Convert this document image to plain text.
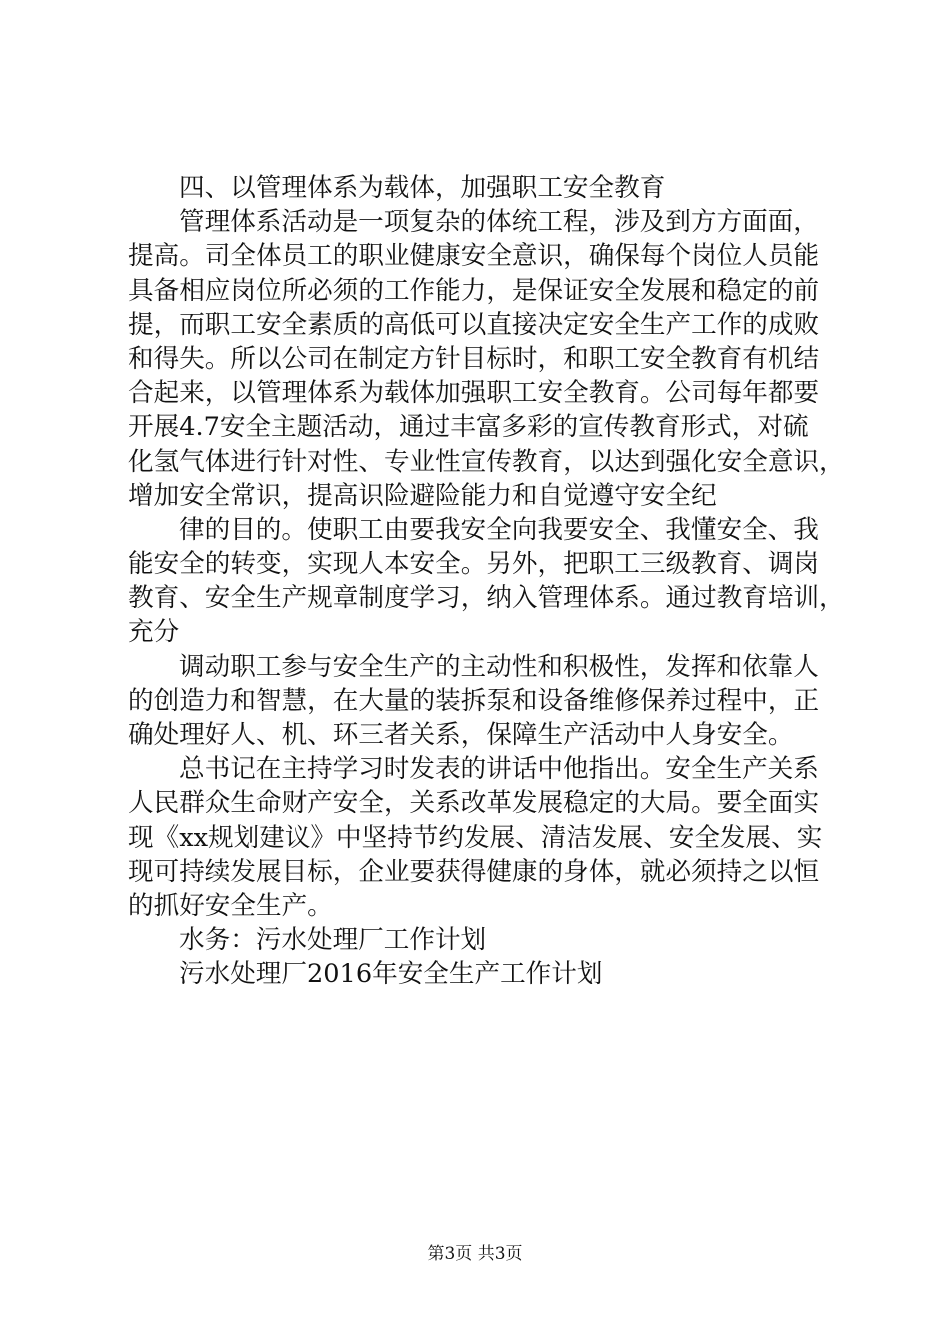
四、以管理体系为载体，加强职工安全教育
管理体系活动是一项复杂的体统工程，涉及到方方面面，
提高。司全体员工的职业健康安全意识，确保每个岗位人员能
具备相应岗位所必须的工作能力，是保证安全发展和稳定的前
提，而职工安全素质的高低可以直接决定安全生产工作的成败
和得失。所以公司在制定方针目标时，和职工安全教育有机结
合起来，以管理体系为载体加强职工安全教育。公司每年都要
开展4.7安全主题活动，通过丰富多彩的宣传教育形式，对硫
化氢气体进行针对性、专业性宣传教育，以达到强化安全意识，
增加安全常识，提高识险避险能力和自觉遵守安全纪
律的目的。使职工由要我安全向我要安全、我懂安全、我
能安全的转变，实现人本安全。另外，把职工三级教育、调岗
教育、安全生产规章制度学习，纳入管理体系。通过教育培训，
充分
调动职工参与安全生产的主动性和积极性，发挥和依靠人
的创造力和智慧，在大量的装拆泵和设备维修保养过程中，正
确处理好人、机、环三者关系，保障生产活动中人身安全。
总书记在主持学习时发表的讲话中他指出。安全生产关系
人民群众生命财产安全，关系改革发展稳定的大局。要全面实
现《xx规划建议》中坚持节约发展、清洁发展、安全发展、实
现可持续发展目标，企业要获得健康的身体，就必须持之以恒
的抓好安全生产。
水务：污水处理厂工作计划
污水处理厂2016年安全生产工作计划
第3页 共3页
